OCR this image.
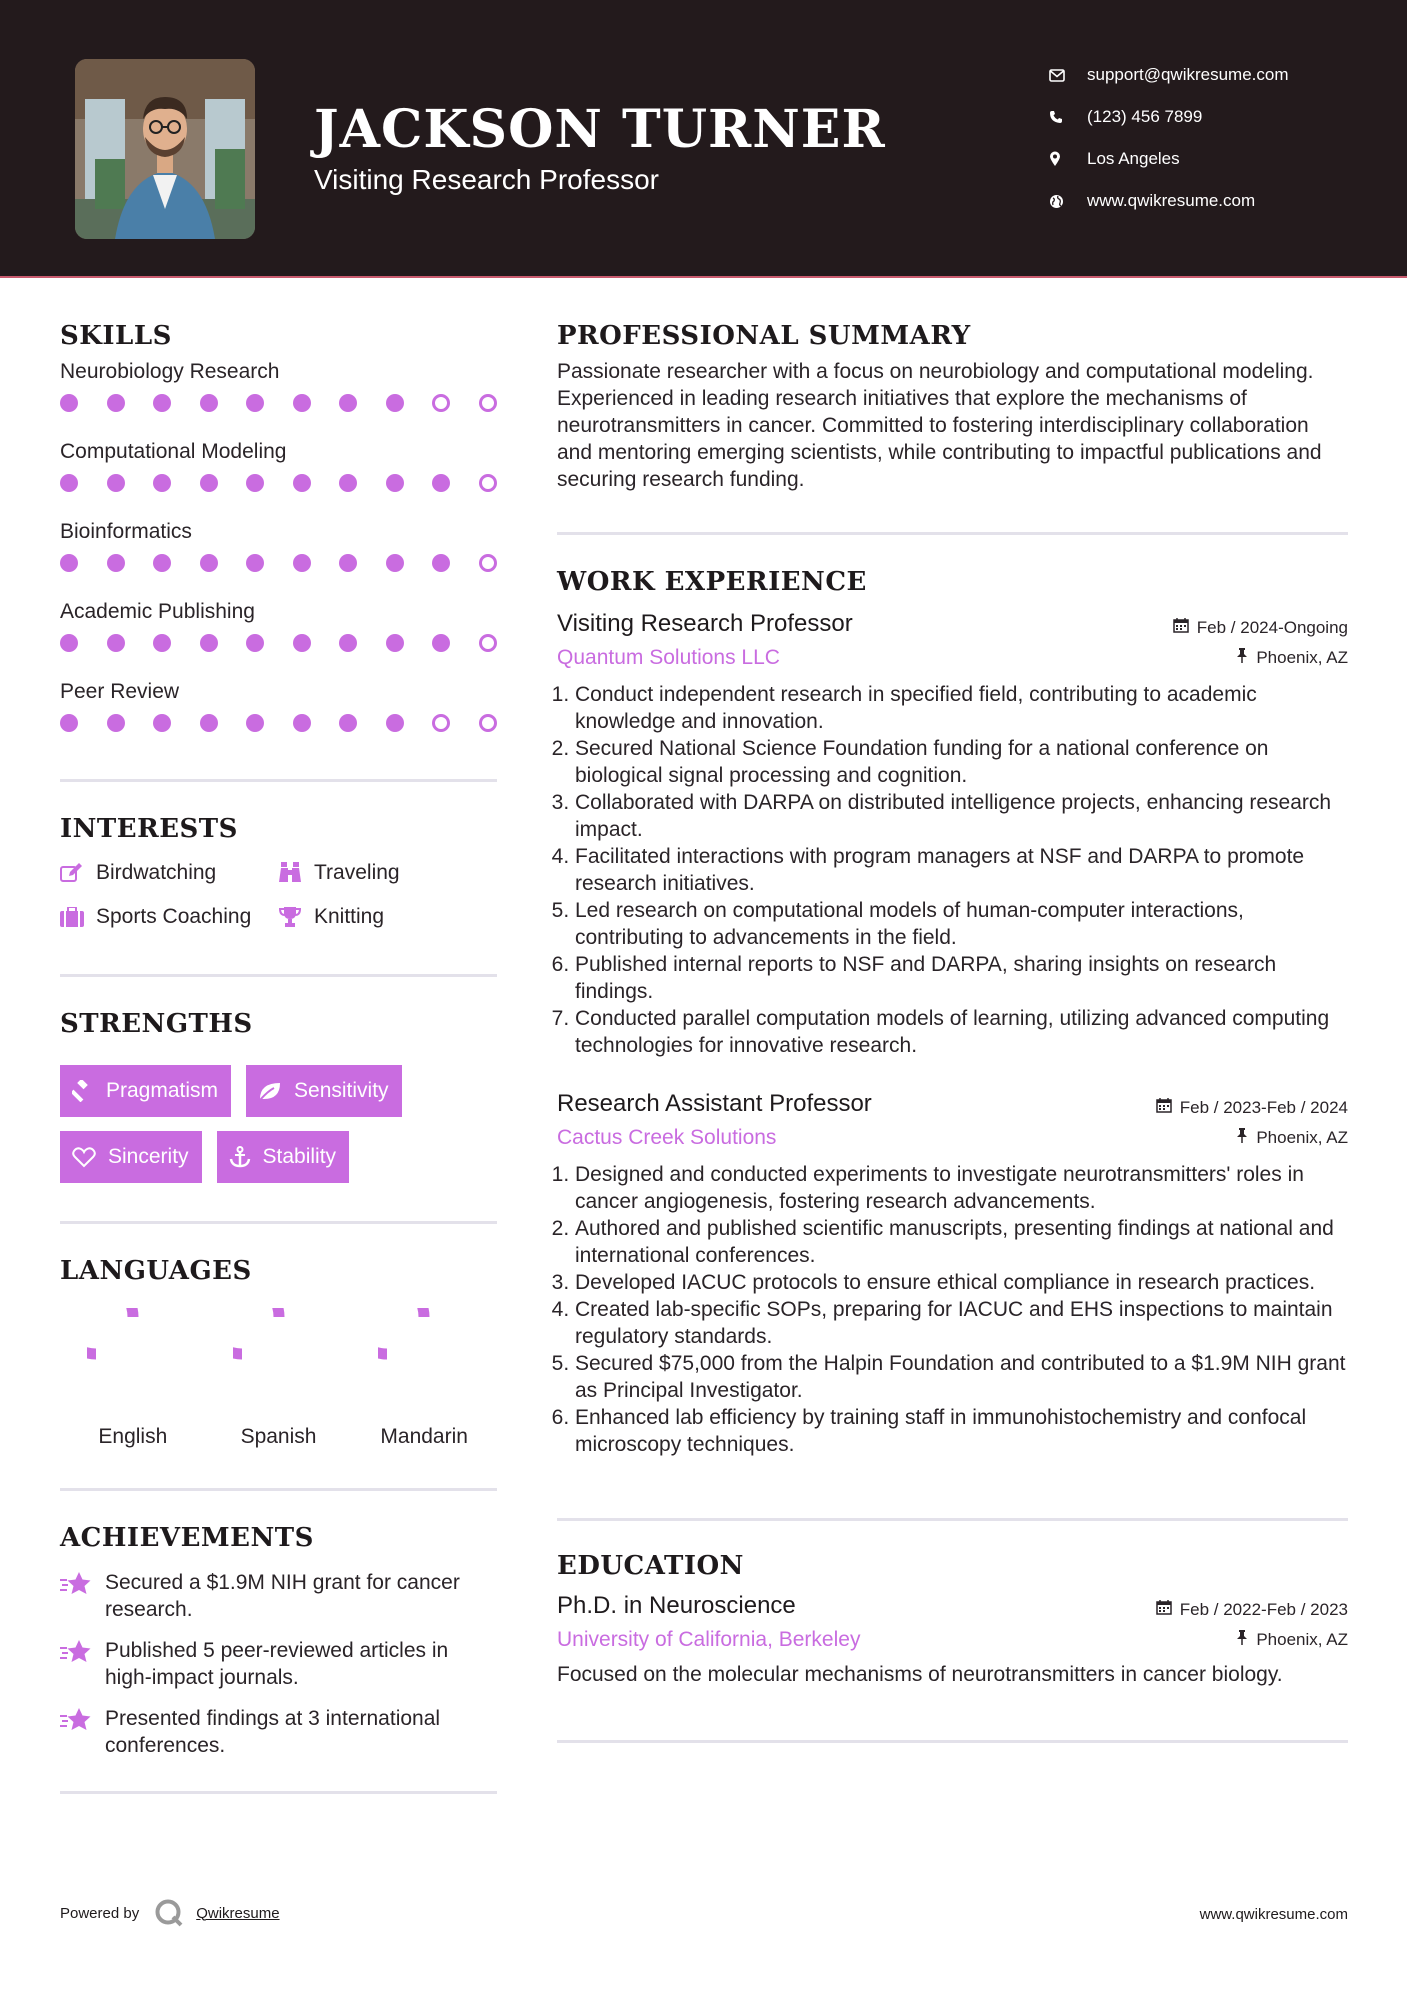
JACKSON TURNER
Visiting Research Professor
support@qwikresume.com
(123) 456 7899
Los Angeles
www.qwikresume.com
SKILLS
Neurobiology Research
Computational Modeling
Bioinformatics
Academic Publishing
Peer Review
INTERESTS
Birdwatching	Traveling
Sports Coaching	Knitting
STRENGTHS
Pragmatism	Sensitivity
Sincerity	Stability
LANGUAGES
English	Spanish	Mandarin
ACHIEVEMENTS
Secured a $1.9M NIH grant for cancer research.
Published 5 peer-reviewed articles in high-impact journals.
Presented findings at 3 international conferences.
PROFESSIONAL SUMMARY

Passionate researcher with a focus on neurobiology and computational modeling. Experienced in leading research initiatives that explore the mechanisms of neurotransmitters in cancer. Committed to fostering interdisciplinary collaboration and mentoring emerging scientists, while contributing to impactful publications and securing research funding.

WORK EXPERIENCE
Visiting Research Professor	Feb / 2024-Ongoing
Quantum Solutions LLC	Phoenix, AZ
1. Conduct independent research in specified field, contributing to academic knowledge and innovation.
2. Secured National Science Foundation funding for a national conference on biological signal processing and cognition.
3. Collaborated with DARPA on distributed intelligence projects, enhancing research impact.
4. Facilitated interactions with program managers at NSF and DARPA to promote research initiatives.
5. Led research on computational models of human-computer interactions, contributing to advancements in the field.
6. Published internal reports to NSF and DARPA, sharing insights on research findings.
7. Conducted parallel computation models of learning, utilizing advanced computing technologies for innovative research.
Research Assistant Professor	Feb / 2023-Feb / 2024
Cactus Creek Solutions	Phoenix, AZ
1. Designed and conducted experiments to investigate neurotransmitters' roles in cancer angiogenesis, fostering research advancements.
2. Authored and published scientific manuscripts, presenting findings at national and international conferences.
3. Developed IACUC protocols to ensure ethical compliance in research practices.
4. Created lab-specific SOPs, preparing for IACUC and EHS inspections to maintain regulatory standards.
5. Secured $75,000 from the Halpin Foundation and contributed to a $1.9M NIH grant as Principal Investigator.
6. Enhanced lab efficiency by training staff in immunohistochemistry and confocal microscopy techniques.
EDUCATION
Ph.D. in Neuroscience	Feb / 2022-Feb / 2023
University of California, Berkeley	Phoenix, AZ

Focused on the molecular mechanisms of neurotransmitters in cancer biology.

Powered by	Qwikresume	www.qwikresume.com
